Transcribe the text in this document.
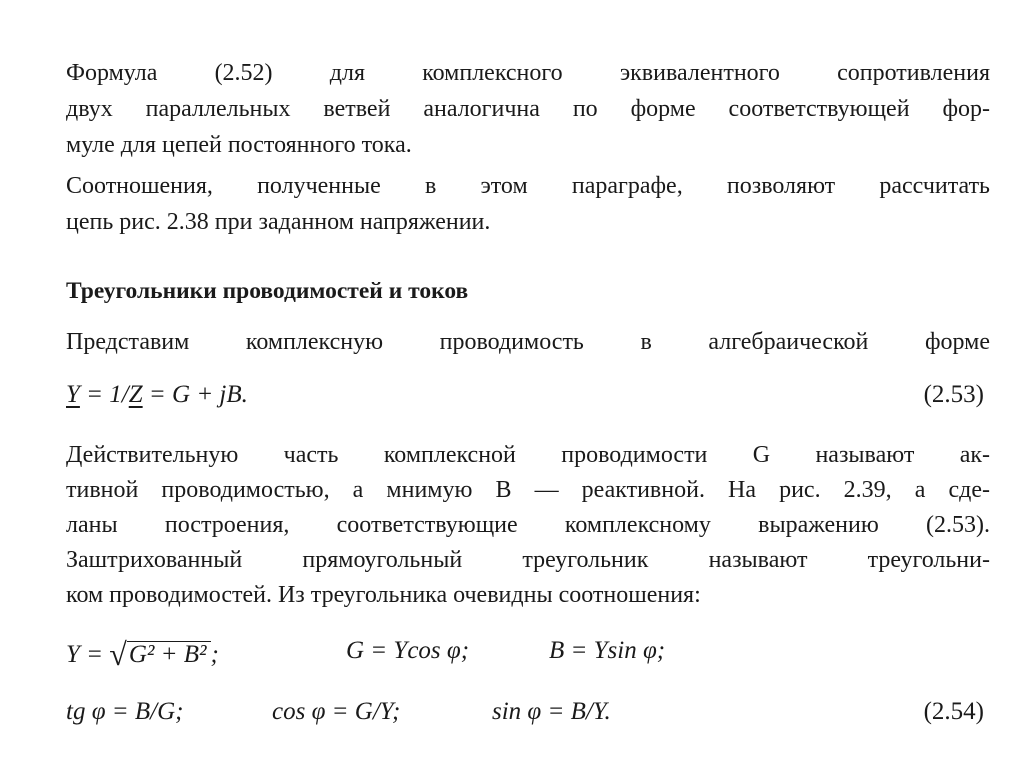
Формула (2.52) для комплексного эквивалентного сопротивления
двух параллельных ветвей аналогична по форме соответствующей фор-
муле для цепей постоянного тока.
Соотношения, полученные в этом параграфе, позволяют рассчитать
цепь рис. 2.38 при заданном напряжении.
Треугольники проводимостей и токов
Представим комплексную проводимость в алгебраической форме
Y = 1/Z = G + jB.	(2.53)
Действительную часть комплексной проводимости G называют ак-
тивной проводимостью, а мнимую B — реактивной. На рис. 2.39, а сде-
ланы построения, соответствующие комплексному выражению (2.53).
Заштрихованный прямоугольный треугольник называют треугольни-
ком проводимостей. Из треугольника очевидны соотношения:
Y = √G² + B² ;	G = Ycos φ;	B = Ysin φ;
tg φ = B/G;	cos φ = G/Y;	sin φ = B/Y.	(2.54)
